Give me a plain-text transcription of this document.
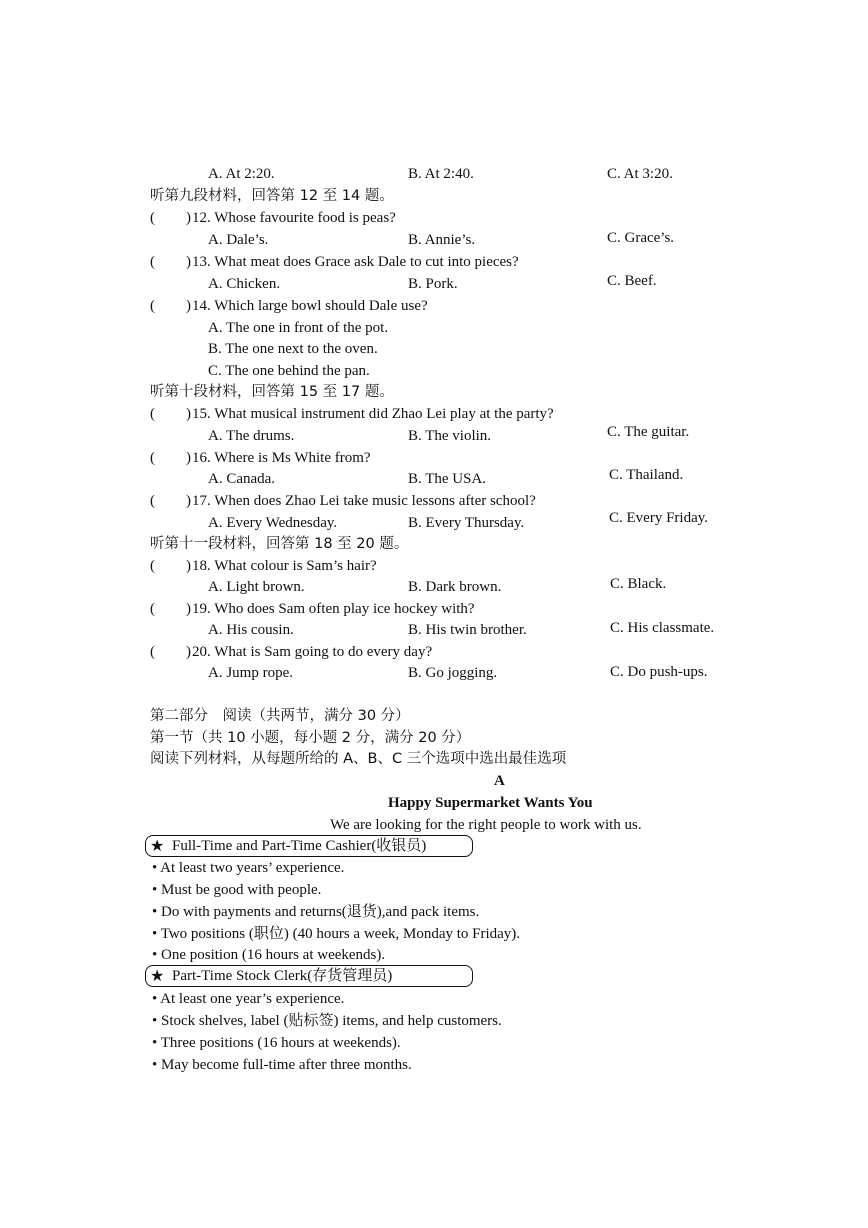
A. At 2:20.	B. At 2:40.	C. At 3:20.
听第九段材料，回答第 12 至 14 题。
( ) 12. Whose favourite food is peas?
A. Dale’s.	B. Annie’s.	C. Grace’s.
( ) 13. What meat does Grace ask Dale to cut into pieces?
A. Chicken.	B. Pork.	C. Beef.
( ) 14. Which large bowl should Dale use?
A. The one in front of the pot.
B. The one next to the oven.
C. The one behind the pan.
听第十段材料，回答第 15 至 17 题。
( ) 15. What musical instrument did Zhao Lei play at the party?
A. The drums.	B. The violin.	C. The guitar.
( ) 16. Where is Ms White from?
A. Canada.	B. The USA.	C. Thailand.
( ) 17. When does Zhao Lei take music lessons after school?
A. Every Wednesday.	B. Every Thursday.	C. Every Friday.
听第十一段材料，回答第 18 至 20 题。
( ) 18. What colour is Sam’s hair?
A. Light brown.	B. Dark brown.	C. Black.
( ) 19. Who does Sam often play ice hockey with?
A. His cousin.	B. His twin brother.	C. His classmate.
( ) 20. What is Sam going to do every day?
A. Jump rope.	B. Go jogging.	C. Do push-ups.
第二部分　阅读（共两节，满分 30 分）
第一节（共 10 小题，每小题 2 分，满分 20 分）
阅读下列材料，从每题所给的 A、B、C 三个选项中选出最佳选项
A
Happy Supermarket Wants You
We are looking for the right people to work with us.
★ Full-Time and Part-Time Cashier(收银员)
• At least two years’ experience.
• Must be good with people.
• Do with payments and returns(退货),and pack items.
• Two positions (职位) (40 hours a week, Monday to Friday).
• One position (16 hours at weekends).
★ Part-Time Stock Clerk(存货管理员)
• At least one year’s experience.
• Stock shelves, label (贴标签) items, and help customers.
• Three positions (16 hours at weekends).
• May become full-time after three months.
